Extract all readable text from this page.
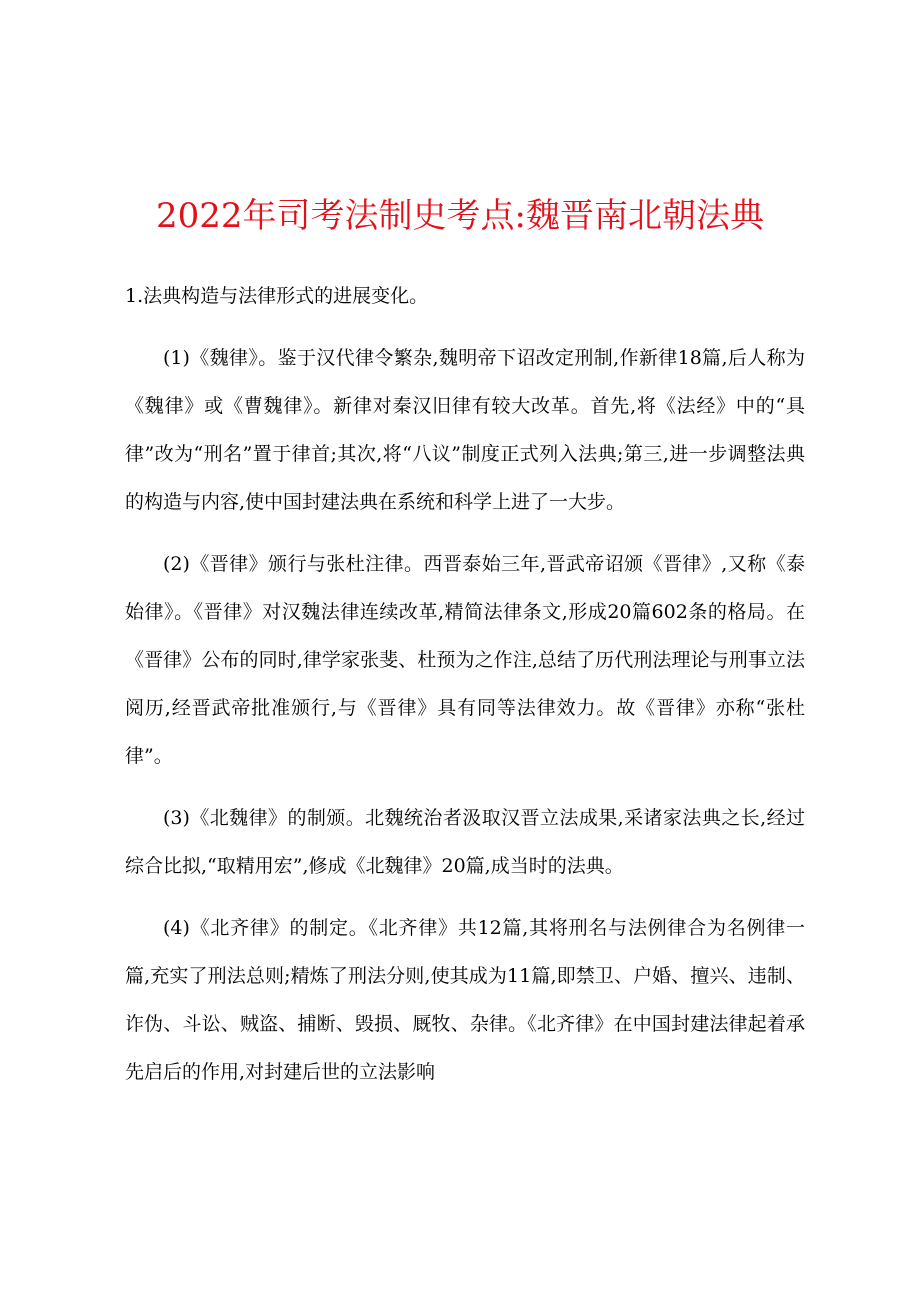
2022年司考法制史考点:魏晋南北朝法典

1.法典构造与法律形式的进展变化。

(1)《魏律》。鉴于汉代律令繁杂,魏明帝下诏改定刑制,作新律18篇,后人称为《魏律》或《曹魏律》。新律对秦汉旧律有较大改革。首先,将《法经》中的“具律”改为“刑名”置于律首;其次,将“八议”制度正式列入法典;第三,进一步调整法典的构造与内容,使中国封建法典在系统和科学上进了一大步。

(2)《晋律》颁行与张杜注律。西晋泰始三年,晋武帝诏颁《晋律》,又称《泰始律》。《晋律》对汉魏法律连续改革,精简法律条文,形成20篇602条的格局。在《晋律》公布的同时,律学家张斐、杜预为之作注,总结了历代刑法理论与刑事立法阅历,经晋武帝批准颁行,与《晋律》具有同等法律效力。故《晋律》亦称“张杜律”。

(3)《北魏律》的制颁。北魏统治者汲取汉晋立法成果,采诸家法典之长,经过综合比拟,“取精用宏”,修成《北魏律》20篇,成当时的法典。

(4)《北齐律》的制定。《北齐律》共12篇,其将刑名与法例律合为名例律一篇,充实了刑法总则;精炼了刑法分则,使其成为11篇,即禁卫、户婚、擅兴、违制、诈伪、斗讼、贼盗、捕断、毁损、厩牧、杂律。《北齐律》在中国封建法律起着承先启后的作用,对封建后世的立法影响
